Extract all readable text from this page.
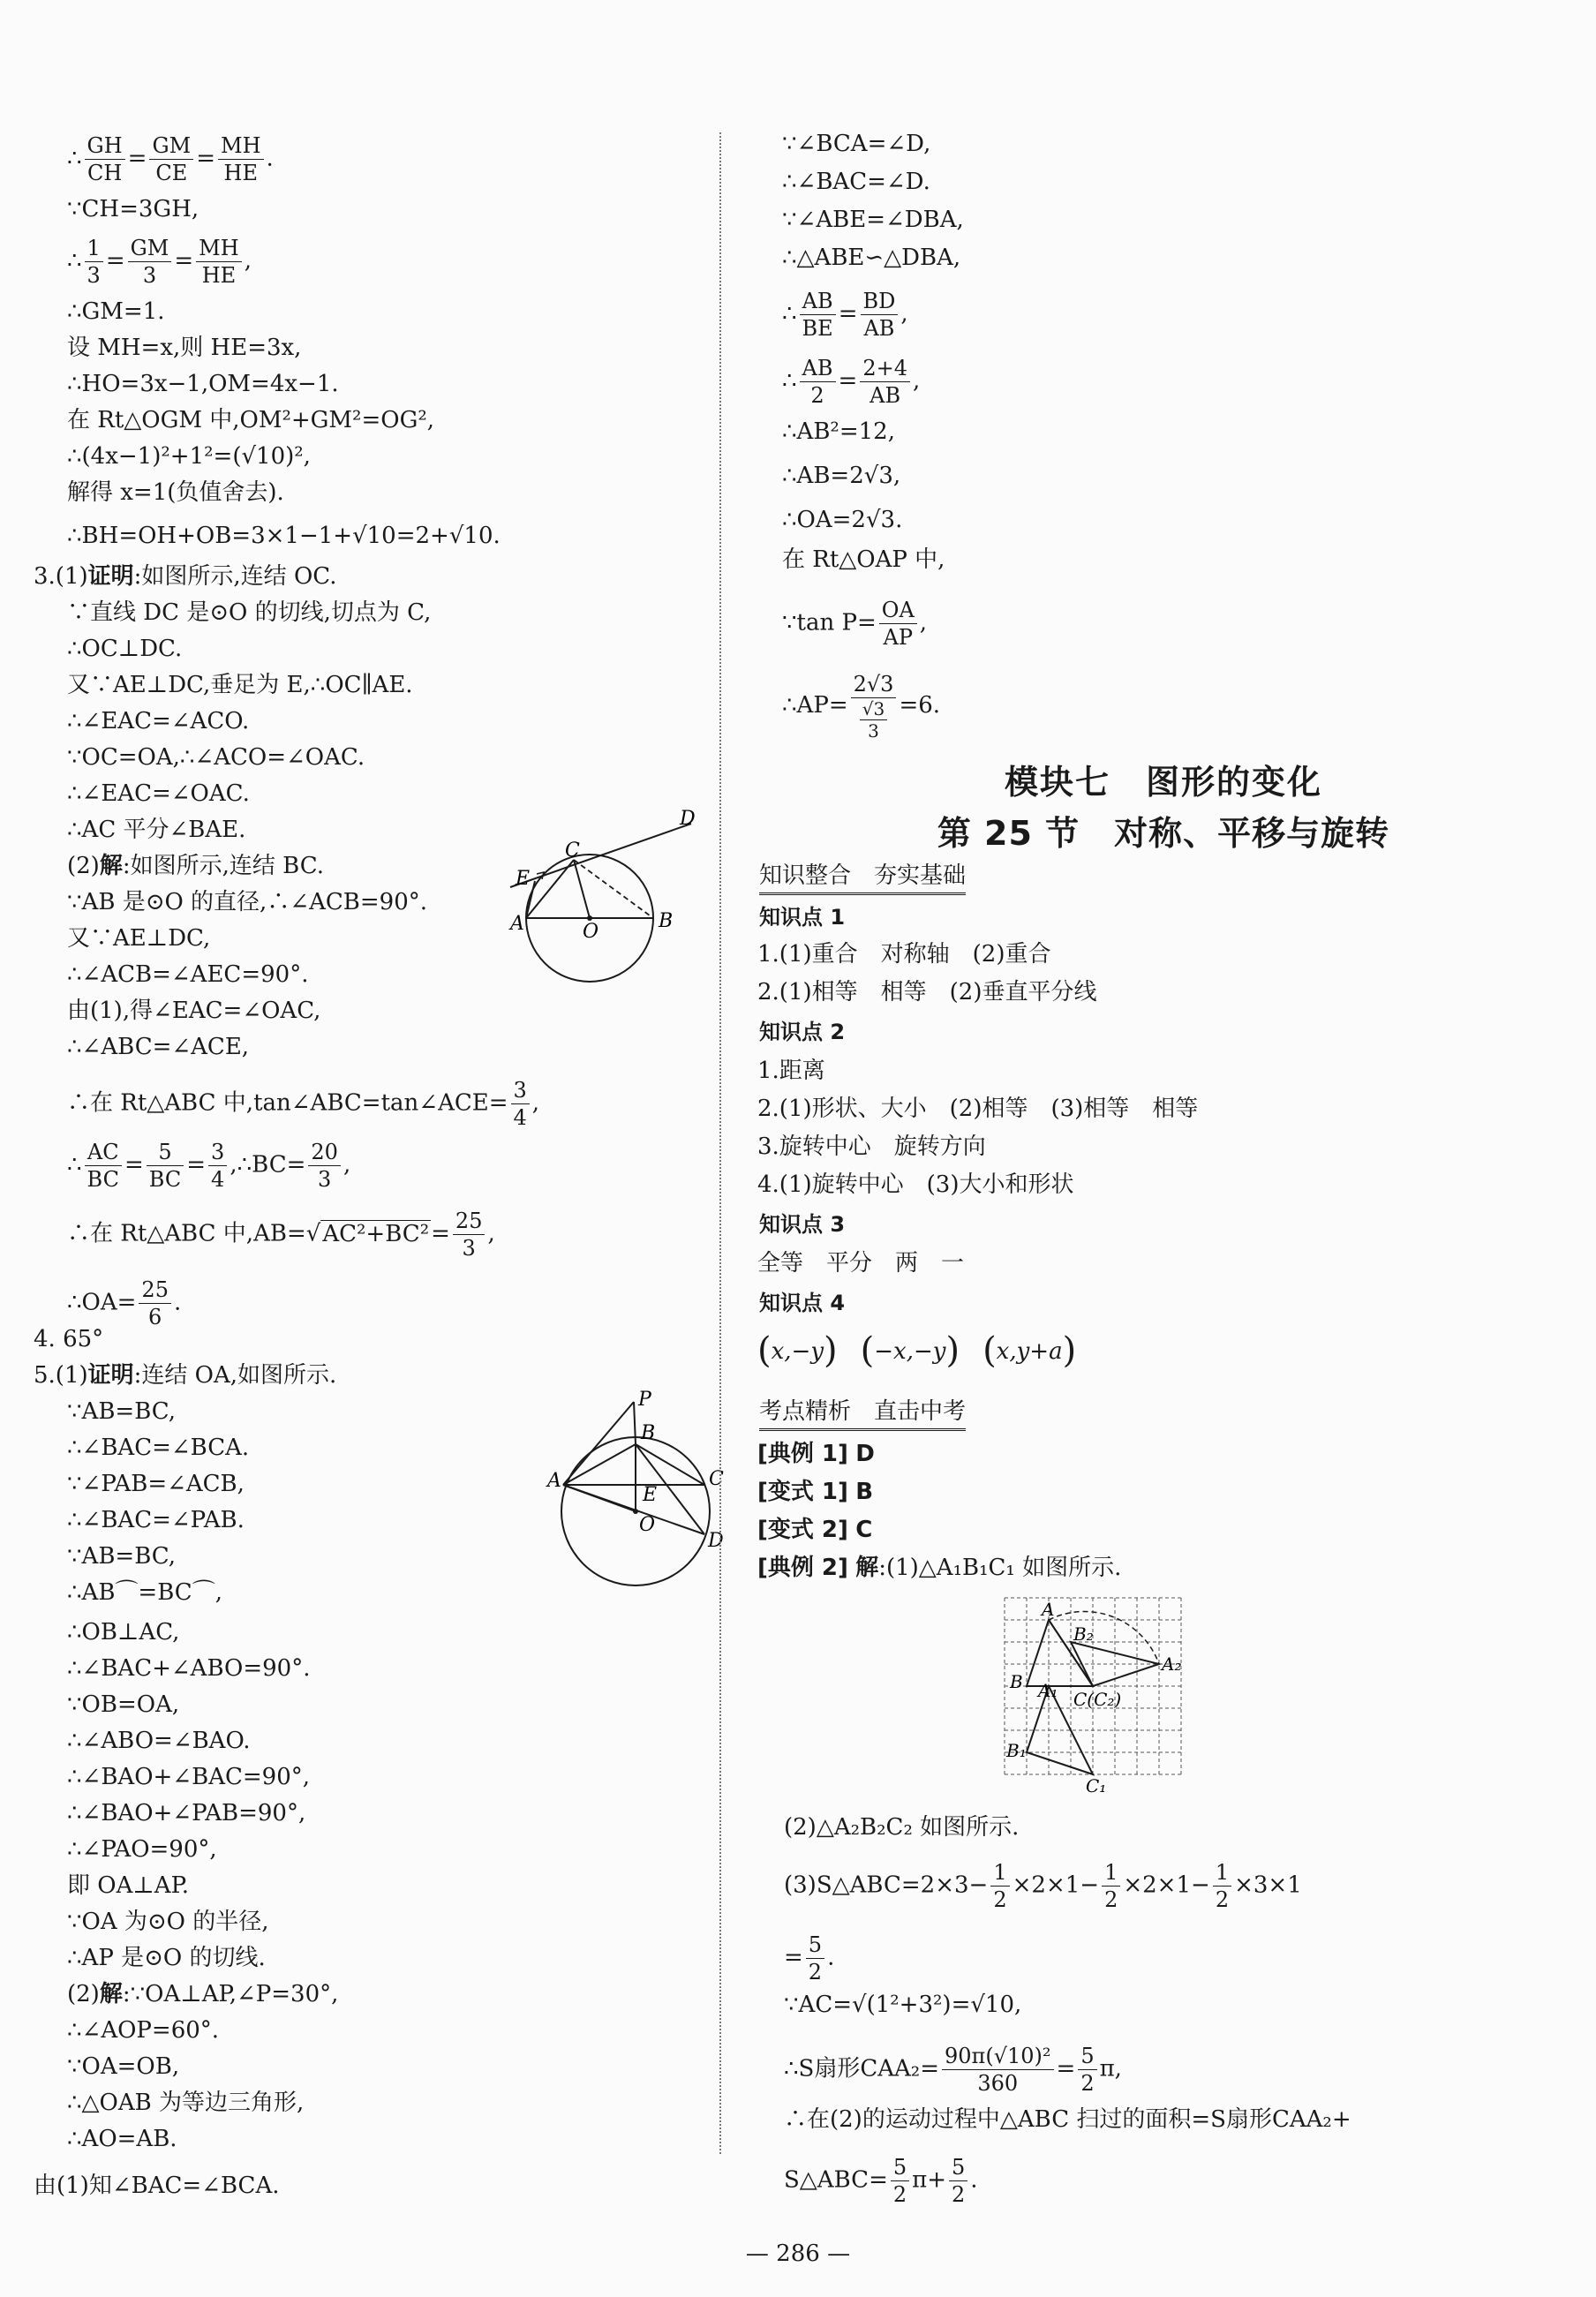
∴ $\frac{GH}{CH} = \frac{GM}{CE} = \frac{MH}{HE}$ .
∵CH=3GH,
∴ $\frac{1}{3} = \frac{GM}{3} = \frac{MH}{HE}$ ,
∴GM=1.
设 MH=x,则 HE=3x,
∴HO=3x−1,OM=4x−1.
在 Rt△OGM 中,OM²+GM²=OG²,
∴(4x−1)²+1²=(√10)²,
解得 x=1(负值舍去).
∴BH=OH+OB=3×1−1+√10=2+√10.
3.(1)证明:如图所示,连结 OC.
∵直线 DC 是⊙O 的切线,切点为 C,
∴OC⊥DC.
又∵AE⊥DC,垂足为 E,∴OC∥AE.
∴∠EAC=∠ACO.
∵OC=OA,∴∠ACO=∠OAC.
∴∠EAC=∠OAC.
∴AC 平分∠BAE.
(2)解:如图所示,连结 BC.
∵AB 是⊙O 的直径,∴∠ACB=90°.
又∵AE⊥DC,
∴∠ACB=∠AEC=90°.
由(1),得∠EAC=∠OAC,
∴∠ABC=∠ACE,
∴在 Rt△ABC 中,tan∠ABC=tan∠ACE= $\frac{3}{4}$ ,
∴ $\frac{AC}{BC} = \frac{5}{BC} = \frac{3}{4}$ ,∴BC= $\frac{20}{3}$ ,
∴在 Rt△ABC 中$,AB=√AC^2+BC^2= \frac{25}{3}$ ,
∴OA= $\frac{25}{6}$ .
4. 65°
5.(1)证明:连结 OA,如图所示.
∵AB=BC,
∴∠BAC=∠BCA.
∵∠PAB=∠ACB,
∴∠BAC=∠PAB.
∵AB=BC,
∴AB⌒=BC⌒,
∴OB⊥AC,
∴∠BAC+∠ABO=90°.
∵OB=OA,
∴∠ABO=∠BAO.
∴∠BAO+∠BAC=90°,
∴∠BAO+∠PAB=90°,
∴∠PAO=90°,
即 OA⊥AP.
∵OA 为⊙O 的半径,
∴AP 是⊙O 的切线.
(2)解:∵OA⊥AP,∠P=30°,
∴∠AOP=60°.
∵OA=OB,
∴△OAB 为等边三角形,
∴AO=AB.
由(1)知∠BAC=∠BCA.
D
C
E
A	O	B
P
B
A	C
E
O
D
∵∠BCA=∠D,
∴∠BAC=∠D.
∵∠ABE=∠DBA,
∴△ABE∽△DBA,
∴ $\frac{AB}{BE} = \frac{BD}{AB}$ ,
∴ $\frac{AB}{2} = \frac{2+4}{AB}$ ,
∴AB²=12,
∴AB=2√3,
∴OA=2√3.
在 Rt△OAP 中,
∵tan $P= \frac{OA}{AP}$ ,
∴AP= $\frac{2√3}{\frac{√3}{3}} =6$.
模块七　图形的变化
第 25 节　对称、平移与旋转
知识整合　夯实基础
知识点 1
1.(1)重合　对称轴　(2)重合
2.(1)相等　相等　(2)垂直平分线
知识点 2
1.距离
2.(1)形状、大小　(2)相等　(3)相等　相等
3.旋转中心　旋转方向
4.(1)旋转中心　(3)大小和形状
知识点 3
全等　平分　两　一
知识点 4
(x,−y)　 (−x,−y)　 (x,y+a)
考点精析　直击中考
[典例 1] D
[变式 1] B
[变式 2] C
[典例 2] 解:(1)△A₁B₁C₁ 如图所示.
A
B₂
B A₁ C(C₂)
A₂
B₁
C₁
(2)△A₂B₂C₂ 如图所示.
(3)S△ABC=2×3− $\frac{1}{2} \times 2\times 1- \frac{1}{2} \times 2\times 1- \frac{1}{2} \times 3\times 1$
= $\frac{5}{2}$ .
∵AC=√(1²+3²)=√10,
∴S扇形$CAA_2= \frac{\text{90π(√10)²}}{360} = \frac{5}{2} \pi$,
∴在(2)的运动过程中△ABC 扫过的面积=S扇形CAA₂+
S△ABC= $\frac{5}{2} \pi+ \frac{5}{2}$ .
— 286 —
